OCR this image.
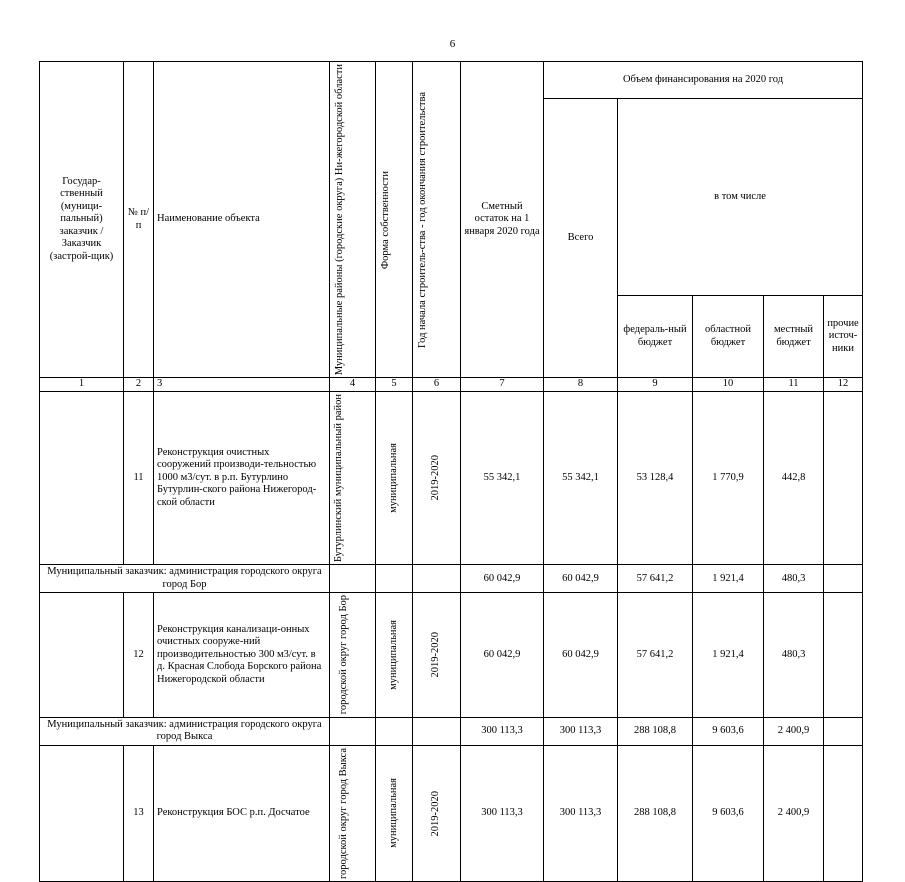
6
Государ-ственный (муници-пальный) заказчик / Заказчик (застрой-щик)	№ п/п	Наименование объекта	Муниципальные районы (городские округа) Ни-жегородской области	Форма собственности	Год начала строитель-ства - год окончания строительства	Сметный остаток на 1 января 2020 года	Объем финансирования на 2020 год				
							Всего	в том числе			
								федераль-ный бюджет	областной бюджет	местный бюджет	прочие источ-ники
1	2	3	4	5	6	7	8	9	10	11	12
	11	Реконструкция очистных сооружений производи-тельностью 1000 м3/сут. в р.п. Бутурлино Бутурлин-ского района Нижегород-ской области	Бутурлинский муниципальный район	муниципальная	2019-2020	55 342,1	55 342,1	53 128,4	1 770,9	442,8	
Муниципальный заказчик: администрация городского округа город Бор						60 042,9	60 042,9	57 641,2	1 921,4	480,3	
	12	Реконструкция канализаци-онных очистных сооруже-ний производительностью 300 м3/сут. в д. Красная Слобода Борского района Нижегородской области	городской округ город Бор	муниципальная	2019-2020	60 042,9	60 042,9	57 641,2	1 921,4	480,3	
Муниципальный заказчик: администрация городского округа город Выкса						300 113,3	300 113,3	288 108,8	9 603,6	2 400,9	
	13	Реконструкция БОС р.п. Досчатое	городской округ город Выкса	муниципальная	2019-2020	300 113,3	300 113,3	288 108,8	9 603,6	2 400,9	
